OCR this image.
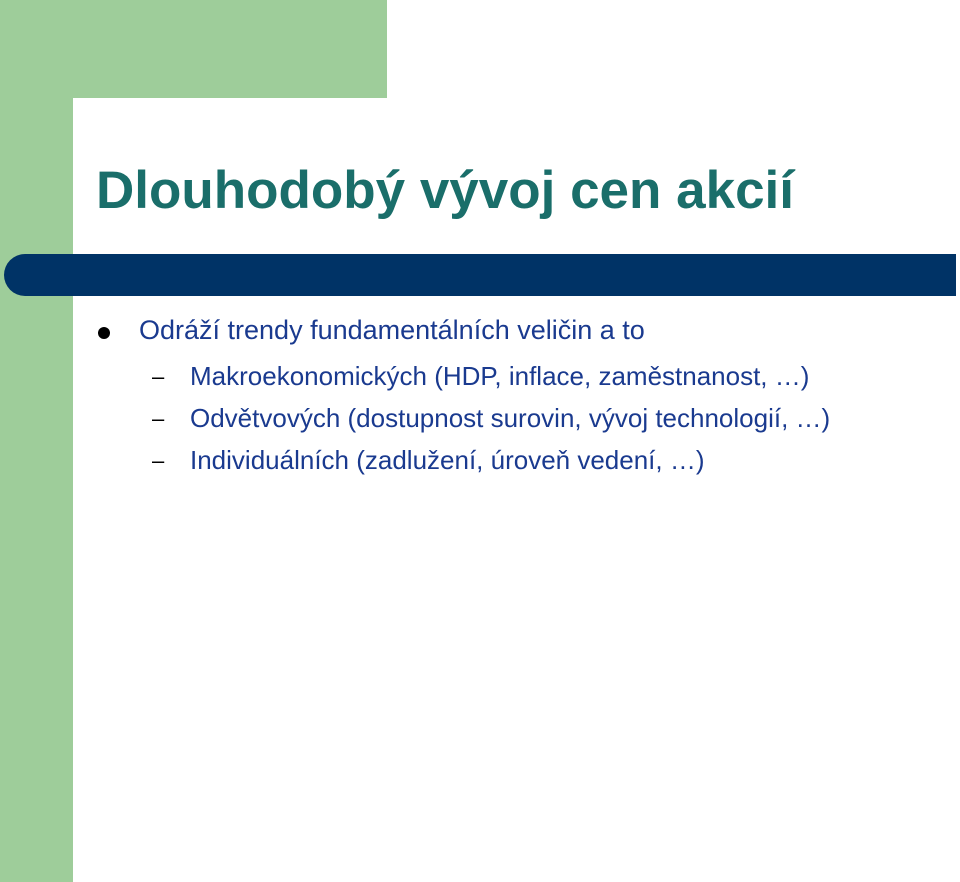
Dlouhodobý vývoj cen akcií
Odráží trendy fundamentálních veličin a to
– Makroekonomických (HDP, inflace, zaměstnanost, …)
– Odvětvových (dostupnost surovin, vývoj technologií, …)
– Individuálních (zadlužení, úroveň vedení, …)
